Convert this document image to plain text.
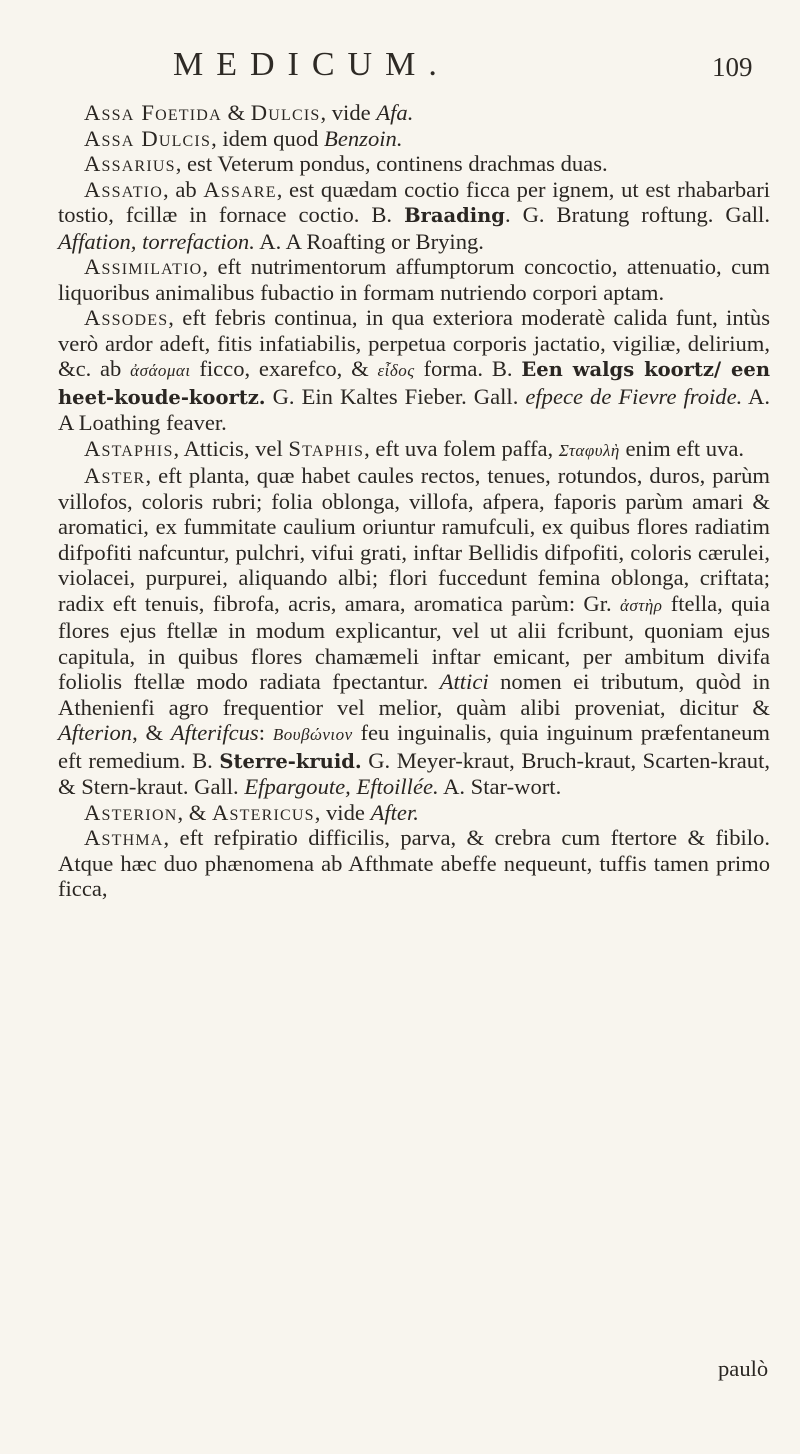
MEDICUM.	109

Assa Foetida & Dulcis, vide Afa.

Assa Dulcis, idem quod Benzoin.

Assarius, est Veterum pondus, continens drachmas duas.

Assatio, ab Assare, est quædam coctio ficca per ignem, ut est rhabarbari tostio, fcillæ in fornace coctio. B. Braading. G. Bratung roftung. Gall. Affation, torrefaction. A. A Roafting or Brying.

Assimilatio, eft nutrimentorum affumptorum concoctio, attenuatio, cum liquoribus animalibus fubactio in formam nutriendo corpori aptam.

Assodes, eft febris continua, in qua exteriora moderatè calida funt, intùs verò ardor adeft, fitis infatiabilis, perpetua corporis jactatio, vigiliæ, delirium, &c. ab ἀσάομαι ficco, exarefco, & εἶδος forma. B. Een walgs koortz/ een heet-koude-koortz. G. Ein Kaltes Fieber. Gall. efpece de Fievre froide. A. A Loathing feaver.

Astaphis, Atticis, vel Staphis, eft uva folem paffa, Σταφυλὴ enim eft uva.

Aster, eft planta, quæ habet caules rectos, tenues, rotundos, duros, parùm villofos, coloris rubri; folia oblonga, villofa, afpera, faporis parùm amari & aromatici, ex fummitate caulium oriuntur ramufculi, ex quibus flores radiatim difpofiti nafcuntur, pulchri, vifui grati, inftar Bellidis difpofiti, coloris cærulei, violacei, purpurei, aliquando albi; flori fuccedunt femina oblonga, criftata; radix eft tenuis, fibrofa, acris, amara, aromatica parùm: Gr. ἀστὴρ ftella, quia flores ejus ftellæ in modum explicantur, vel ut alii fcribunt, quoniam ejus capitula, in quibus flores chamæmeli inftar emicant, per ambitum divifa foliolis ftellæ modo radiata fpectantur. Attici nomen ei tributum, quòd in Athenienfi agro frequentior vel melior, quàm alibi proveniat, dicitur & Afterion, & Afterifcus: Βουβώνιον feu inguinalis, quia inguinum præfentaneum eft remedium. B. Sterre-kruid. G. Meyer-kraut, Bruch-kraut, Scarten-kraut, & Stern-kraut. Gall. Efpargoute, Eftoillée. A. Star-wort.

Asterion, & Astericus, vide After.

Asthma, eft refpiratio difficilis, parva, & crebra cum ftertore & fibilo. Atque hæc duo phænomena ab Afthmate abeffe nequeunt, tuffis tamen primo ficca,

paulò
